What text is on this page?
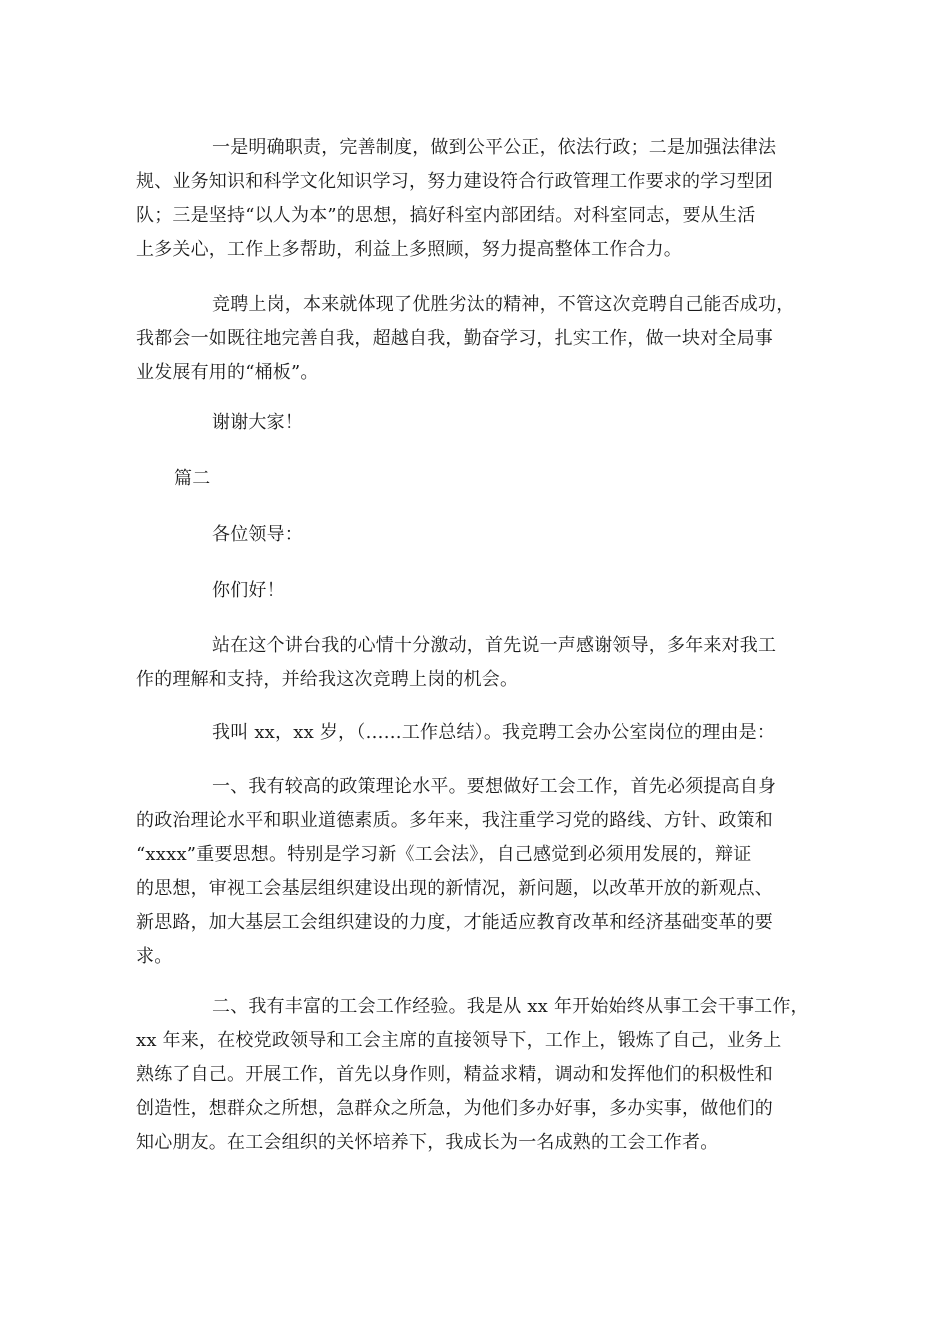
一是明确职责，完善制度，做到公平公正，依法行政；二是加强法律法
规、业务知识和科学文化知识学习，努力建设符合行政管理工作要求的学习型团
队；三是坚持“以人为本”的思想，搞好科室内部团结。对科室同志，要从生活
上多关心，工作上多帮助，利益上多照顾，努力提高整体工作合力。
竞聘上岗，本来就体现了优胜劣汰的精神，不管这次竞聘自己能否成功，
我都会一如既往地完善自我，超越自我，勤奋学习，扎实工作，做一块对全局事
业发展有用的“桶板”。
谢谢大家！
篇二
各位领导：
你们好！
站在这个讲台我的心情十分激动，首先说一声感谢领导，多年来对我工
作的理解和支持，并给我这次竞聘上岗的机会。
我叫 xx，xx 岁，（……工作总结）。我竞聘工会办公室岗位的理由是：
一、我有较高的政策理论水平。要想做好工会工作，首先必须提高自身
的政治理论水平和职业道德素质。多年来，我注重学习党的路线、方针、政策和
“xxxx”重要思想。特别是学习新《工会法》，自己感觉到必须用发展的，辩证
的思想，审视工会基层组织建设出现的新情况，新问题，以改革开放的新观点、
新思路，加大基层工会组织建设的力度，才能适应教育改革和经济基础变革的要
求。
二、我有丰富的工会工作经验。我是从 xx 年开始始终从事工会干事工作，
xx 年来，在校党政领导和工会主席的直接领导下，工作上，锻炼了自己，业务上
熟练了自己。开展工作，首先以身作则，精益求精，调动和发挥他们的积极性和
创造性，想群众之所想，急群众之所急，为他们多办好事，多办实事，做他们的
知心朋友。在工会组织的关怀培养下，我成长为一名成熟的工会工作者。
